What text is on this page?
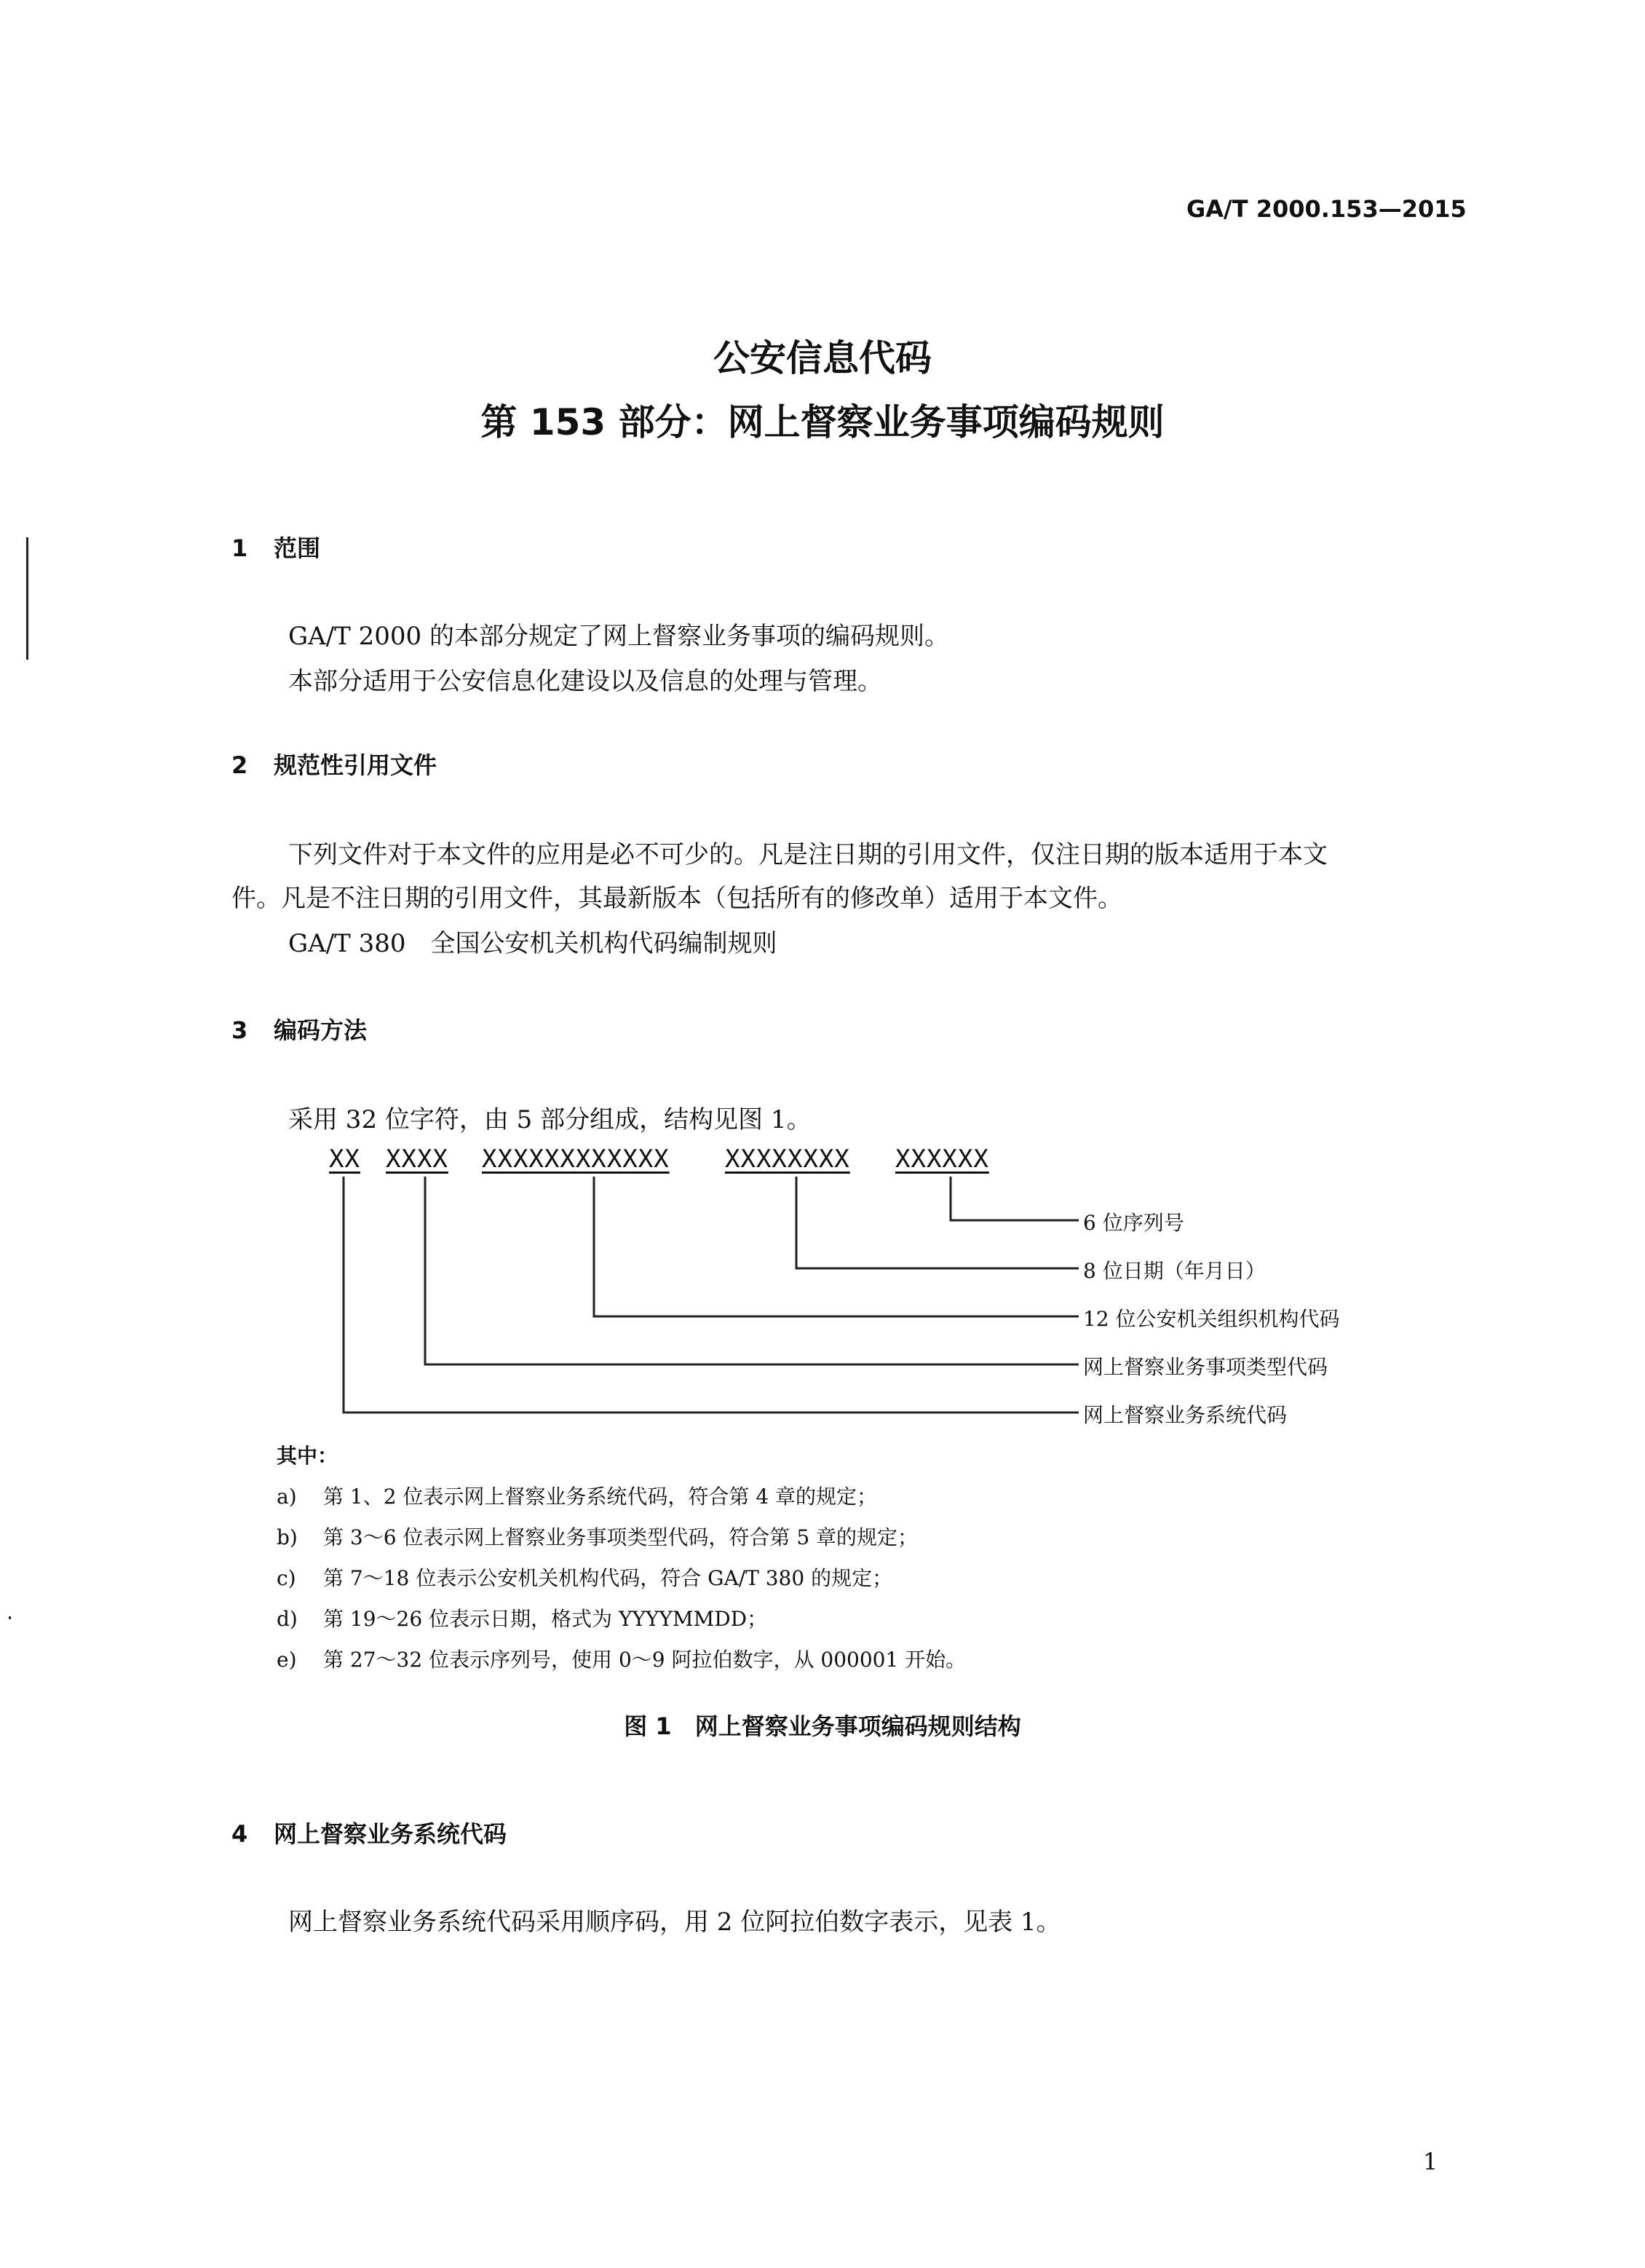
GA/T 2000.153—2015
公安信息代码
第 153 部分：网上督察业务事项编码规则
1 范围
GA/T 2000 的本部分规定了网上督察业务事项的编码规则。
本部分适用于公安信息化建设以及信息的处理与管理。
2 规范性引用文件
下列文件对于本文件的应用是必不可少的。凡是注日期的引用文件，仅注日期的版本适用于本文
件。凡是不注日期的引用文件，其最新版本（包括所有的修改单）适用于本文件。
GA/T 380　全国公安机关机构代码编制规则
3 编码方法
采用 32 位字符，由 5 部分组成，结构见图 1。
XX XXXX XXXXXXXXXXXX XXXXXXXX XXXXXX
6 位序列号
8 位日期（年月日）
12 位公安机关组织机构代码
网上督察业务事项类型代码
网上督察业务系统代码
其中：
a) 第 1、2 位表示网上督察业务系统代码，符合第 4 章的规定；
b) 第 3～6 位表示网上督察业务事项类型代码，符合第 5 章的规定；
c) 第 7～18 位表示公安机关机构代码，符合 GA/T 380 的规定；
d) 第 19～26 位表示日期，格式为 YYYYMMDD；
e) 第 27～32 位表示序列号，使用 0～9 阿拉伯数字，从 000001 开始。
图 1　网上督察业务事项编码规则结构
4 网上督察业务系统代码
网上督察业务系统代码采用顺序码，用 2 位阿拉伯数字表示，见表 1。
1
